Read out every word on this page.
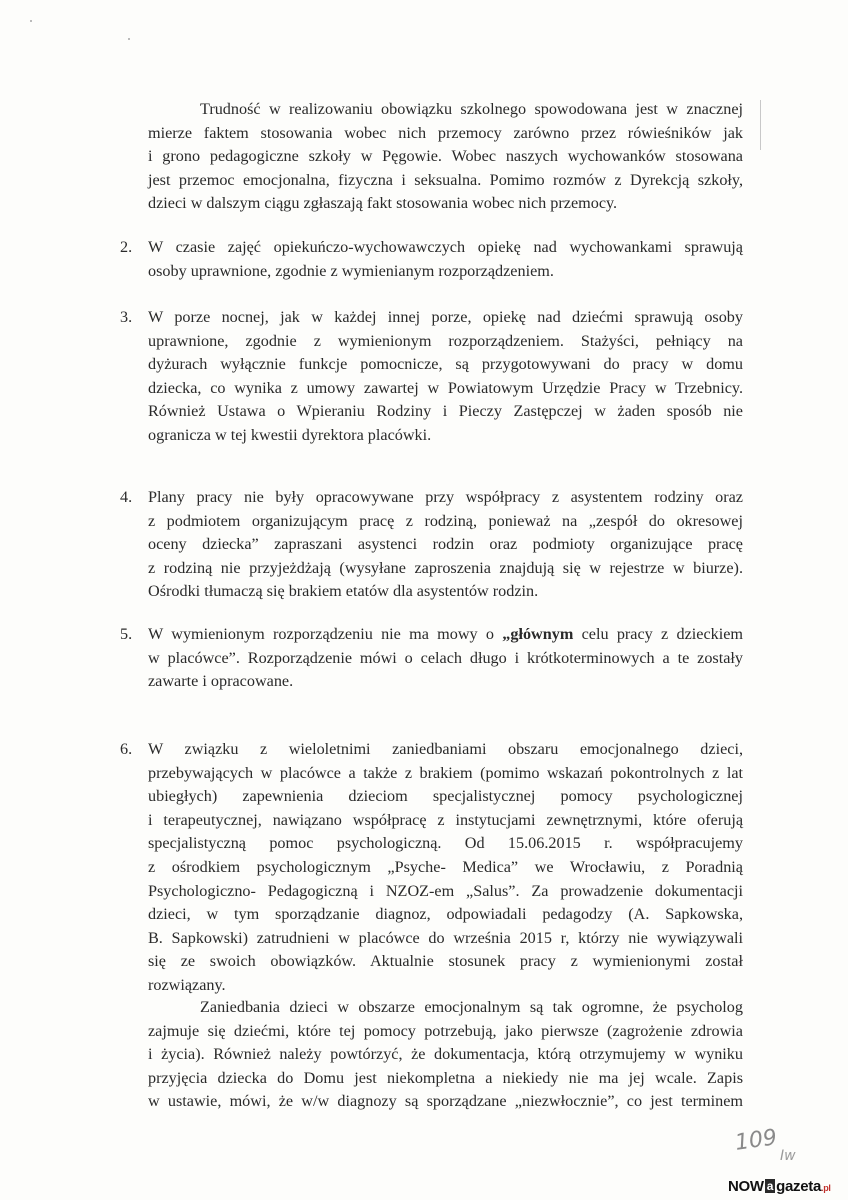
Trudność w realizowaniu obowiązku szkolnego spowodowana jest w znacznej
mierze faktem stosowania wobec nich przemocy zarówno przez rówieśników jak
i grono pedagogiczne szkoły w Pęgowie. Wobec naszych wychowanków stosowana
jest przemoc emocjonalna, fizyczna i seksualna. Pomimo rozmów z Dyrekcją szkoły,
dzieci w dalszym ciągu zgłaszają fakt stosowania wobec nich przemocy.
2. W czasie zajęć opiekuńczo-wychowawczych opiekę nad wychowankami sprawują
osoby uprawnione, zgodnie z wymienianym rozporządzeniem.
3. W porze nocnej, jak w każdej innej porze, opiekę nad dziećmi sprawują osoby
uprawnione, zgodnie z wymienionym rozporządzeniem. Stażyści, pełniący na
dyżurach wyłącznie funkcje pomocnicze, są przygotowywani do pracy w domu
dziecka, co wynika z umowy zawartej w Powiatowym Urzędzie Pracy w Trzebnicy.
Również Ustawa o Wpieraniu Rodziny i Pieczy Zastępczej w żaden sposób nie
ogranicza w tej kwestii dyrektora placówki.
4. Plany pracy nie były opracowywane przy współpracy z asystentem rodziny oraz
z podmiotem organizującym pracę z rodziną, ponieważ na „zespół do okresowej
oceny dziecka” zapraszani asystenci rodzin oraz podmioty organizujące pracę
z rodziną nie przyjeżdżają (wysyłane zaproszenia znajdują się w rejestrze w biurze).
Ośrodki tłumaczą się brakiem etatów dla asystentów rodzin.
5. W wymienionym rozporządzeniu nie ma mowy o „głównym celu pracy z dzieckiem
w placówce”. Rozporządzenie mówi o celach długo i krótkoterminowych a te zostały
zawarte i opracowane.
6. W związku z wieloletnimi zaniedbaniami obszaru emocjonalnego dzieci,
przebywających w placówce a także z brakiem (pomimo wskazań pokontrolnych z lat
ubiegłych) zapewnienia dzieciom specjalistycznej pomocy psychologicznej
i terapeutycznej, nawiązano współpracę z instytucjami zewnętrznymi, które oferują
specjalistyczną pomoc psychologiczną. Od 15.06.2015 r. współpracujemy
z ośrodkiem psychologicznym „Psyche- Medica” we Wrocławiu, z Poradnią
Psychologiczno- Pedagogiczną i NZOZ-em „Salus”. Za prowadzenie dokumentacji
dzieci, w tym sporządzanie diagnoz, odpowiadali pedagodzy (A. Sapkowska,
B. Sapkowski) zatrudnieni w placówce do września 2015 r, którzy nie wywiązywali
się ze swoich obowiązków. Aktualnie stosunek pracy z wymienionymi został
rozwiązany.
Zaniedbania dzieci w obszarze emocjonalnym są tak ogromne, że psycholog
zajmuje się dziećmi, które tej pomocy potrzebują, jako pierwsze (zagrożenie zdrowia
i życia). Również należy powtórzyć, że dokumentacja, którą otrzymujemy w wyniku
przyjęcia dziecka do Domu jest niekompletna a niekiedy nie ma jej wcale. Zapis
w ustawie, mówi, że w/w diagnozy są sporządzane „niezwłocznie”, co jest terminem
109
Iw
NOW a gazeta.pl
